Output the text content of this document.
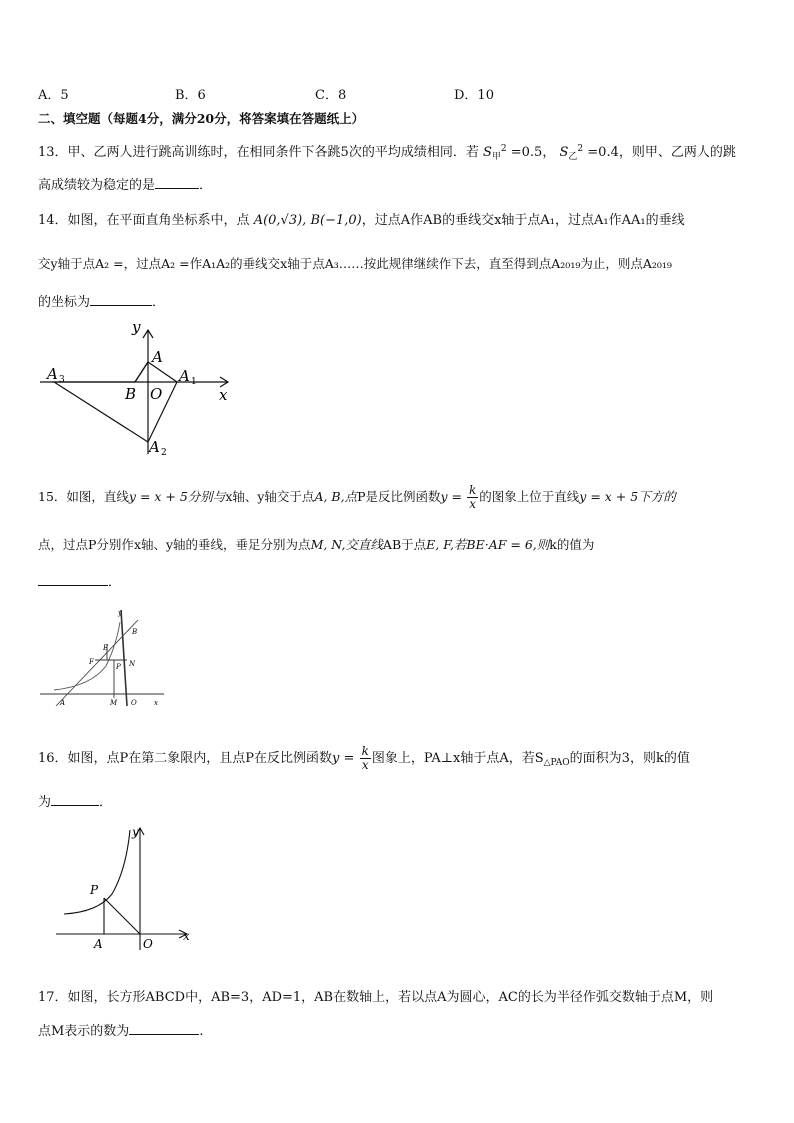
A．5	B．6	C．8	D．10
二、填空题（每题4分，满分20分，将答案填在答题纸上）
13．甲、乙两人进行跳高训练时，在相同条件下各跳5次的平均成绩相同．若 $S_甲^2 =0.5$， $S_乙^2 =0.4$，则甲、乙两人的跳
高成绩较为稳定的是	．
14．如图，在平面直角坐标系中，点 A(0,√3), B(−1,0)，过点A作AB的垂线交x轴于点A₁，过点A₁作AA₁的垂线
交y轴于点A₂ =，过点A₂ =作A₁A₂的垂线交x轴于点A₃……按此规律继续作下去，直至得到点A₂₀₁₉为止，则点A₂₀₁₉
的坐标为	．
y
x
A
A 1
A 2
A 3
B O
15．如图，直线y = x + 5分别与x轴、y轴交于点A, B,点P是反比例函数$y = \frac{k}{x}$ 的图象上位于直线y = x + 5下方的
点，过点P分别作x轴、y轴的垂线，垂足分别为点M, N,交直线AB于点E, F,若BE·AF = 6,则k的值为
．
y
x
B
E
F
P N
A	M O
16．如图，点P在第二象限内，且点P在反比例函数$y = \frac{k}{x}$ 图象上，PA⊥x轴于点A，若$S_{\triangle PAO}$的面积为3，则k的值
为	．
y
x
P
A	O
17．如图，长方形ABCD中，AB=3，AD=1，AB在数轴上，若以点A为圆心，AC的长为半径作弧交数轴于点M，则
点M表示的数为	.
